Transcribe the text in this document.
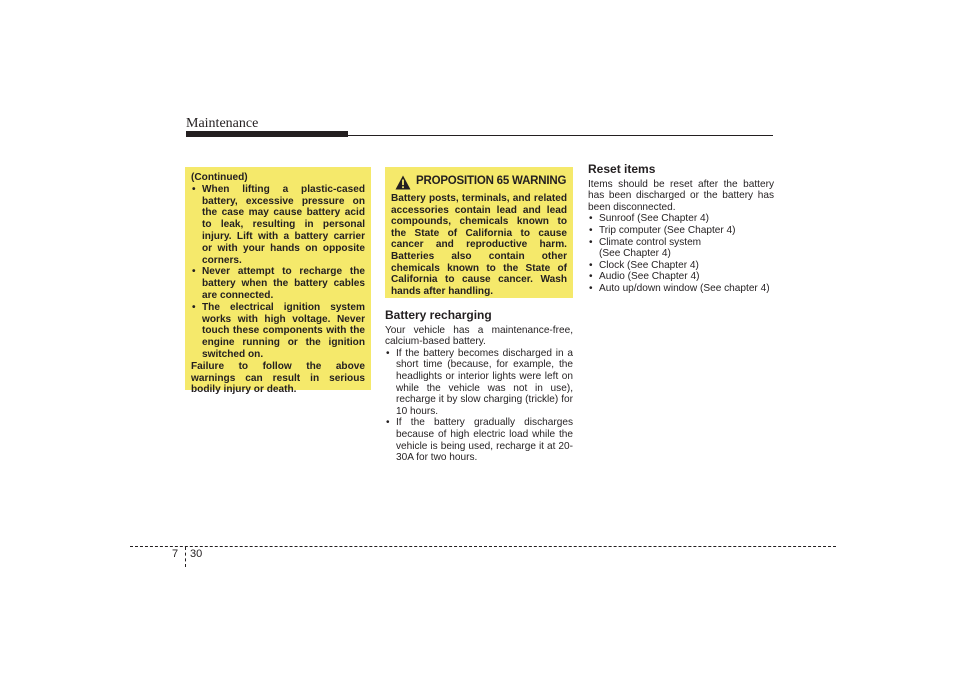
Maintenance
(Continued)
• When lifting a plastic-cased battery, excessive pressure on the case may cause battery acid to leak, resulting in personal injury. Lift with a battery carrier or with your hands on opposite corners.
• Never attempt to recharge the battery when the battery cables are connected.
• The electrical ignition system works with high voltage. Never touch these components with the engine running or the ignition switched on.
Failure to follow the above warnings can result in serious bodily injury or death.
PROPOSITION 65 WARNING
Battery posts, terminals, and related accessories contain lead and lead compounds, chemicals known to the State of California to cause cancer and reproductive harm. Batteries also contain other chemicals known to the State of California to cause cancer. Wash hands after handling.
Battery recharging
Your vehicle has a maintenance-free, calcium-based battery.
• If the battery becomes discharged in a short time (because, for example, the headlights or interior lights were left on while the vehicle was not in use), recharge it by slow charging (trickle) for 10 hours.
• If the battery gradually discharges because of high electric load while the vehicle is being used, recharge it at 20-30A for two hours.
Reset items
Items should be reset after the battery has been discharged or the battery has been disconnected.
• Sunroof (See Chapter 4)
• Trip computer (See Chapter 4)
• Climate control system (See Chapter 4)
• Clock (See Chapter 4)
• Audio (See Chapter 4)
• Auto up/down window (See chapter 4)
7 30
